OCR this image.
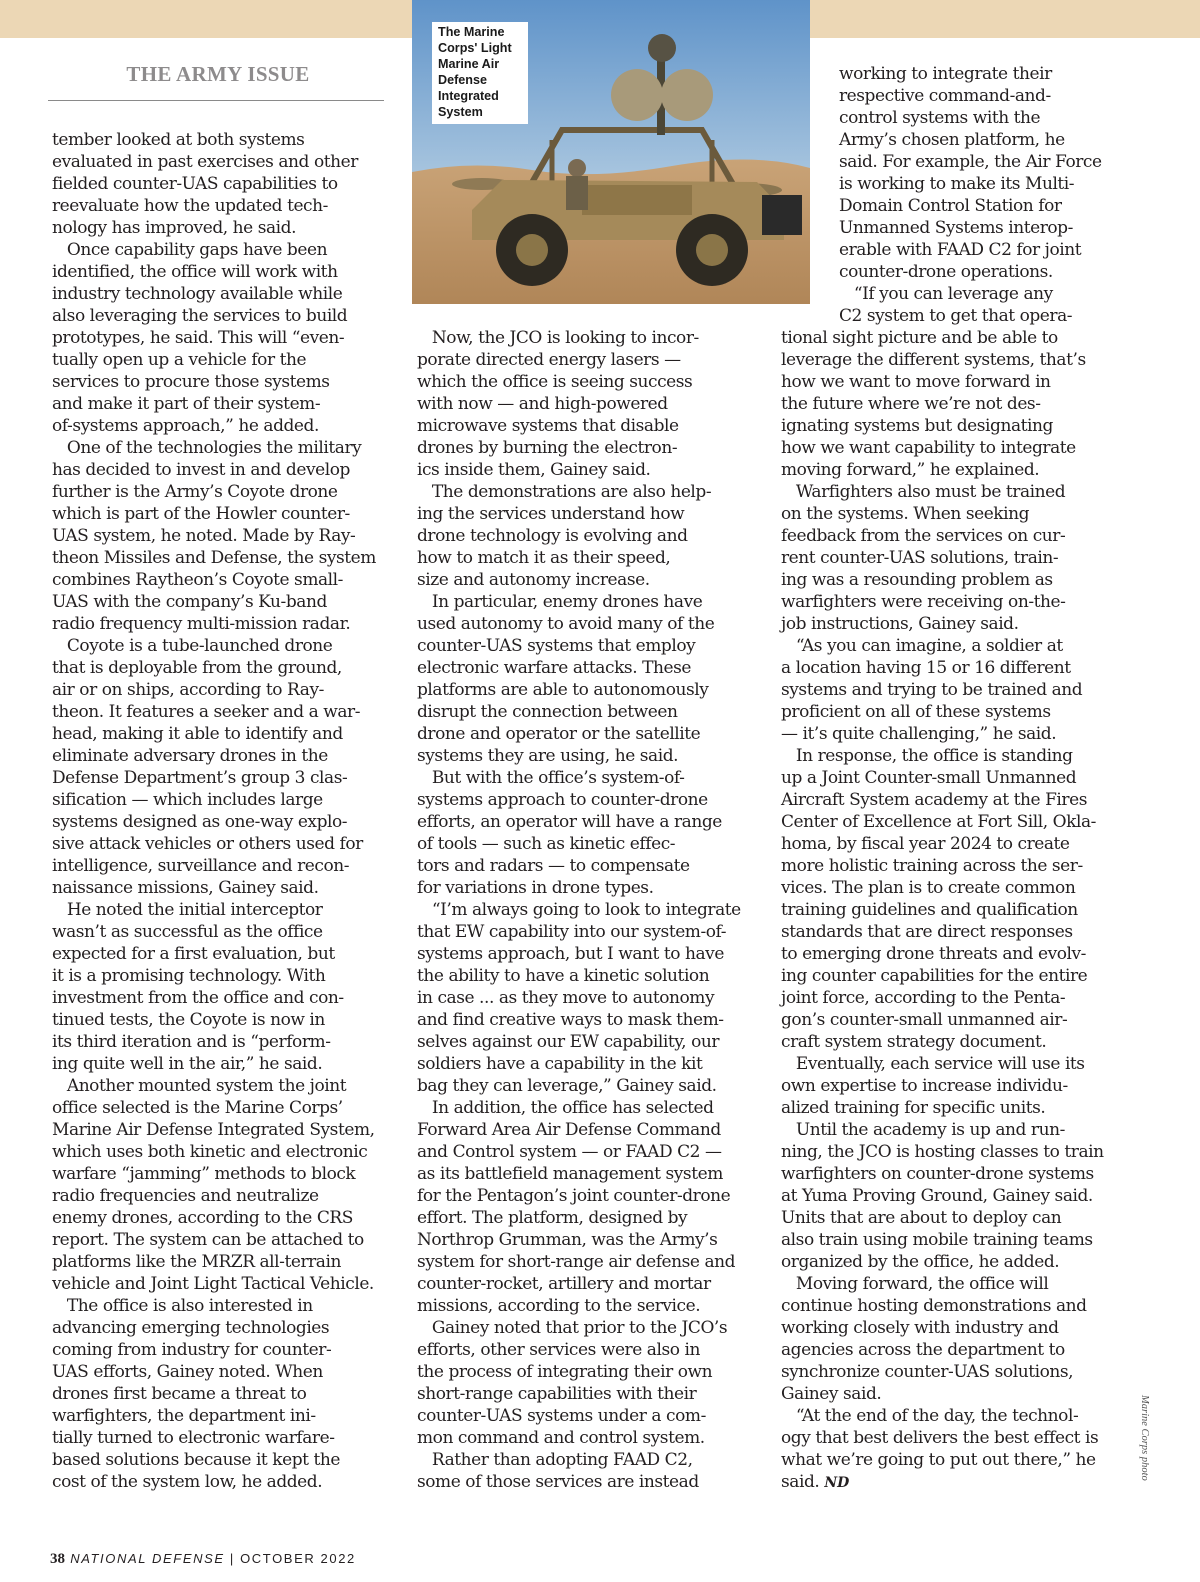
THE ARMY ISSUE
The Marine Corps' Light Marine Air Defense Integrated System
tember looked at both systems
evaluated in past exercises and other
fielded counter-UAS capabilities to
reevaluate how the updated tech-
nology has improved, he said.
Once capability gaps have been
identified, the office will work with
industry technology available while
also leveraging the services to build
prototypes, he said. This will “even-
tually open up a vehicle for the
services to procure those systems
and make it part of their system-
of-systems approach,” he added.
One of the technologies the military
has decided to invest in and develop
further is the Army’s Coyote drone
which is part of the Howler counter-
UAS system, he noted. Made by Ray-
theon Missiles and Defense, the system
combines Raytheon’s Coyote small-
UAS with the company’s Ku-band
radio frequency multi-mission radar.
Coyote is a tube-launched drone
that is deployable from the ground,
air or on ships, according to Ray-
theon. It features a seeker and a war-
head, making it able to identify and
eliminate adversary drones in the
Defense Department’s group 3 clas-
sification — which includes large
systems designed as one-way explo-
sive attack vehicles or others used for
intelligence, surveillance and recon-
naissance missions, Gainey said.
He noted the initial interceptor
wasn’t as successful as the office
expected for a first evaluation, but
it is a promising technology. With
investment from the office and con-
tinued tests, the Coyote is now in
its third iteration and is “perform-
ing quite well in the air,” he said.
Another mounted system the joint
office selected is the Marine Corps’
Marine Air Defense Integrated System,
which uses both kinetic and electronic
warfare “jamming” methods to block
radio frequencies and neutralize
enemy drones, according to the CRS
report. The system can be attached to
platforms like the MRZR all-terrain
vehicle and Joint Light Tactical Vehicle.
The office is also interested in
advancing emerging technologies
coming from industry for counter-
UAS efforts, Gainey noted. When
drones first became a threat to
warfighters, the department ini-
tially turned to electronic warfare-
based solutions because it kept the
cost of the system low, he added.
Now, the JCO is looking to incor-
porate directed energy lasers —
which the office is seeing success
with now — and high-powered
microwave systems that disable
drones by burning the electron-
ics inside them, Gainey said.
The demonstrations are also help-
ing the services understand how
drone technology is evolving and
how to match it as their speed,
size and autonomy increase.
In particular, enemy drones have
used autonomy to avoid many of the
counter-UAS systems that employ
electronic warfare attacks. These
platforms are able to autonomously
disrupt the connection between
drone and operator or the satellite
systems they are using, he said.
But with the office’s system-of-
systems approach to counter-drone
efforts, an operator will have a range
of tools — such as kinetic effec-
tors and radars — to compensate
for variations in drone types.
“I’m always going to look to integrate
that EW capability into our system-of-
systems approach, but I want to have
the ability to have a kinetic solution
in case ... as they move to autonomy
and find creative ways to mask them-
selves against our EW capability, our
soldiers have a capability in the kit
bag they can leverage,” Gainey said.
In addition, the office has selected
Forward Area Air Defense Command
and Control system — or FAAD C2 —
as its battlefield management system
for the Pentagon’s joint counter-drone
effort. The platform, designed by
Northrop Grumman, was the Army’s
system for short-range air defense and
counter-rocket, artillery and mortar
missions, according to the service.
Gainey noted that prior to the JCO’s
efforts, other services were also in
the process of integrating their own
short-range capabilities with their
counter-UAS systems under a com-
mon command and control system.
Rather than adopting FAAD C2,
some of those services are instead
working to integrate their
respective command-and-
control systems with the
Army’s chosen platform, he
said. For example, the Air Force
is working to make its Multi-
Domain Control Station for
Unmanned Systems interop-
erable with FAAD C2 for joint
counter-drone operations.
“If you can leverage any
C2 system to get that opera-
tional sight picture and be able to
leverage the different systems, that’s
how we want to move forward in
the future where we’re not des-
ignating systems but designating
how we want capability to integrate
moving forward,” he explained.
Warfighters also must be trained
on the systems. When seeking
feedback from the services on cur-
rent counter-UAS solutions, train-
ing was a resounding problem as
warfighters were receiving on-the-
job instructions, Gainey said.
“As you can imagine, a soldier at
a location having 15 or 16 different
systems and trying to be trained and
proficient on all of these systems
— it’s quite challenging,” he said.
In response, the office is standing
up a Joint Counter-small Unmanned
Aircraft System academy at the Fires
Center of Excellence at Fort Sill, Okla-
homa, by fiscal year 2024 to create
more holistic training across the ser-
vices. The plan is to create common
training guidelines and qualification
standards that are direct responses
to emerging drone threats and evolv-
ing counter capabilities for the entire
joint force, according to the Penta-
gon’s counter-small unmanned air-
craft system strategy document.
Eventually, each service will use its
own expertise to increase individu-
alized training for specific units.
Until the academy is up and run-
ning, the JCO is hosting classes to train
warfighters on counter-drone systems
at Yuma Proving Ground, Gainey said.
Units that are about to deploy can
also train using mobile training teams
organized by the office, he added.
Moving forward, the office will
continue hosting demonstrations and
working closely with industry and
agencies across the department to
synchronize counter-UAS solutions,
Gainey said.
“At the end of the day, the technol-
ogy that best delivers the best effect is
what we’re going to put out there,” he
said. ND
Marine Corps photo
38 NATIONAL DEFENSE | OCTOBER 2022
